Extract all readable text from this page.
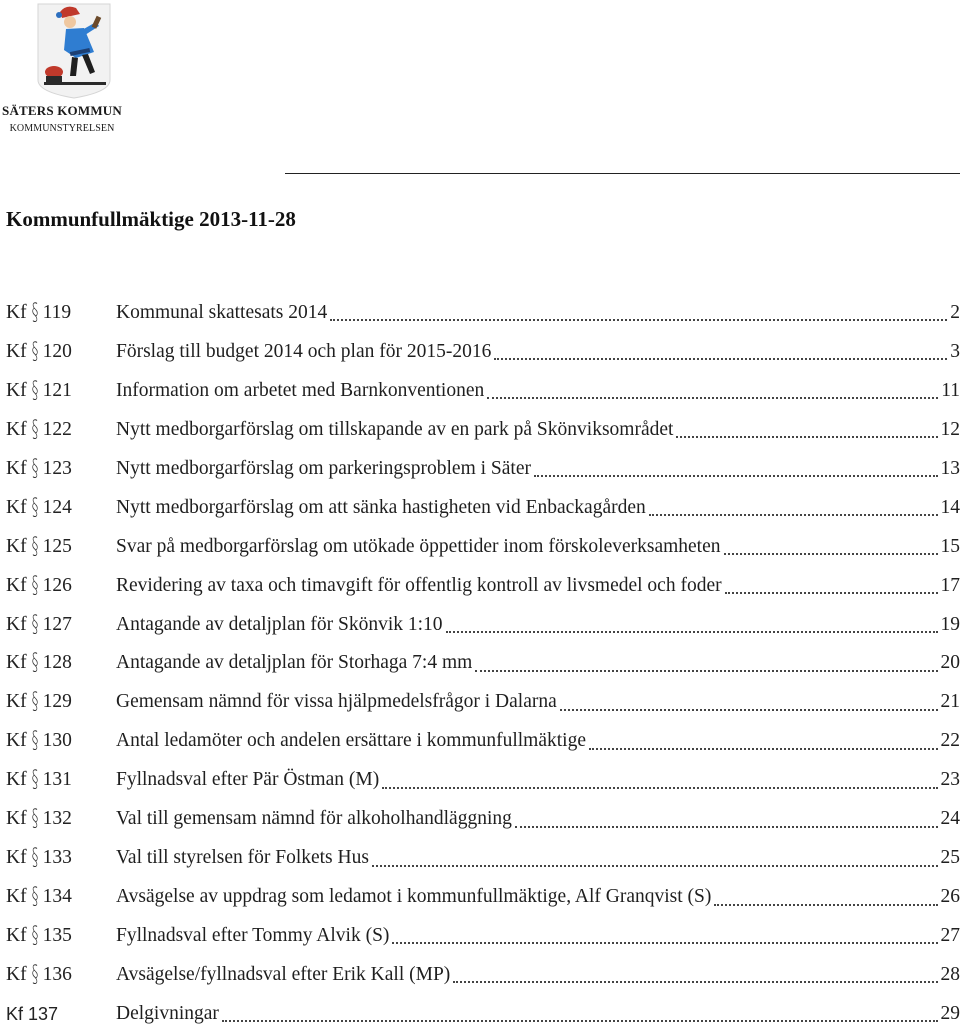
SÄTERS KOMMUN
KOMMUNSTYRELSEN
Kommunfullmäktige 2013-11-28
Kf § 119	Kommunal skattesats 2014	2
Kf § 120	Förslag till budget 2014 och plan för 2015-2016	3
Kf § 121	Information om arbetet med Barnkonventionen	11
Kf § 122	Nytt medborgarförslag om tillskapande av en park på Skönviksområdet	12
Kf § 123	Nytt medborgarförslag om parkeringsproblem i Säter	13
Kf § 124	Nytt medborgarförslag om att sänka hastigheten vid Enbackagården	14
Kf § 125	Svar på medborgarförslag om utökade öppettider inom förskoleverksamheten	15
Kf § 126	Revidering av taxa och timavgift för offentlig kontroll av livsmedel och foder	17
Kf § 127	Antagande av detaljplan för Skönvik 1:10	19
Kf § 128	Antagande av detaljplan för Storhaga 7:4 mm	20
Kf § 129	Gemensam nämnd för vissa hjälpmedelsfrågor i Dalarna	21
Kf § 130	Antal ledamöter och andelen ersättare i kommunfullmäktige	22
Kf § 131	Fyllnadsval efter Pär Östman (M)	23
Kf § 132	Val till gemensam nämnd för alkoholhandläggning	24
Kf § 133	Val till styrelsen för Folkets Hus	25
Kf § 134	Avsägelse av uppdrag som ledamot i kommunfullmäktige, Alf Granqvist (S)	26
Kf § 135	Fyllnadsval efter Tommy Alvik (S)	27
Kf § 136	Avsägelse/fyllnadsval efter Erik Kall (MP)	28
Kf 137	Delgivningar	29
